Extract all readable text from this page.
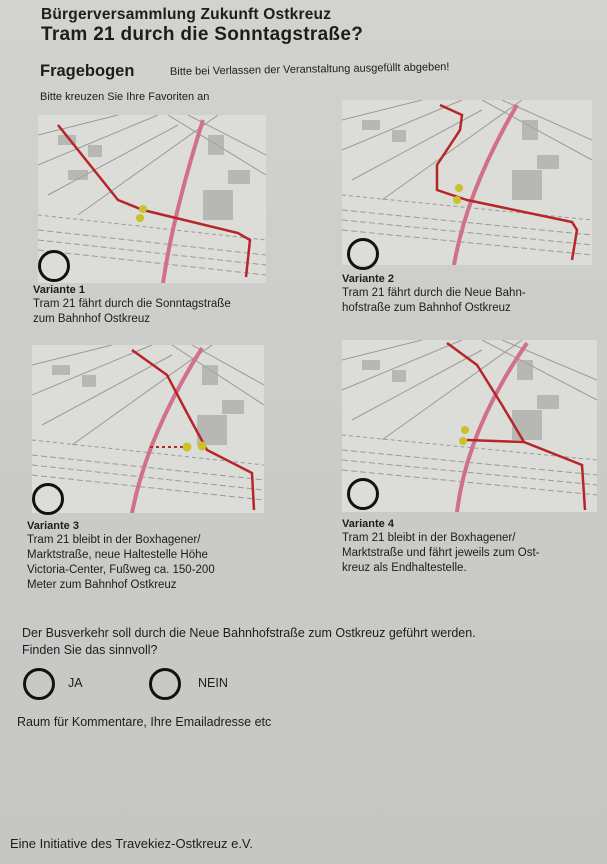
Bürgerversammlung Zukunft Ostkreuz
Tram 21 durch die Sonntagstraße?
Fragebogen	Bitte bei Verlassen der Veranstaltung ausgefüllt abgeben!
Bitte kreuzen Sie Ihre Favoriten an
Variante 1
Tram 21 fährt durch die Sonntagstraße
zum Bahnhof Ostkreuz
Variante 2
Tram 21 fährt durch die Neue Bahn-
hofstraße zum Bahnhof Ostkreuz
Variante 3
Tram 21 bleibt in der Boxhagener/
Marktstraße, neue Haltestelle Höhe
Victoria-Center, Fußweg ca. 150-200
Meter zum Bahnhof Ostkreuz
Variante 4
Tram 21 bleibt in der Boxhagener/
Marktstraße und fährt jeweils zum Ost-
kreuz als Endhaltestelle.
Der Busverkehr soll durch die Neue Bahnhofstraße zum Ostkreuz geführt werden.
Finden Sie das sinnvoll?
JA	NEIN
Raum für Kommentare, Ihre Emailadresse etc
Eine Initiative des Travekiez-Ostkreuz e.V.
